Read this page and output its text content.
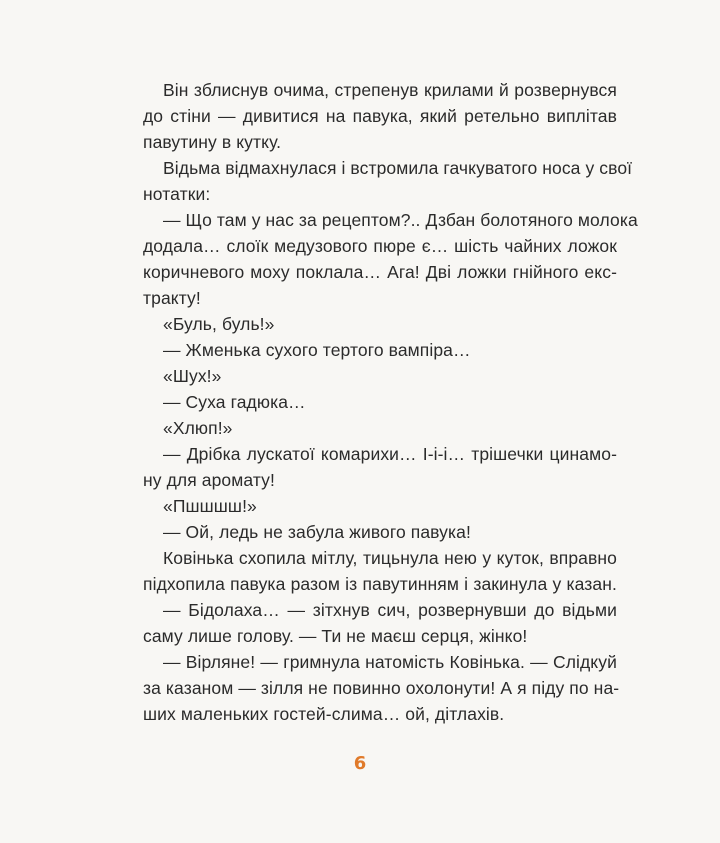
Він зблиснув очима, стрепенув крилами й розвернувся
до стіни — дивитися на павука, який ретельно виплітав
павутину в кутку.
Відьма відмахнулася і встромила гачкуватого носа у свої
нотатки:
— Що там у нас за рецептом?.. Дзбан болотяного молока
додала… слоїк медузового пюре є… шість чайних ложок
коричневого моху поклала… Ага! Дві ложки гнійного екс-
тракту!
«Буль, буль!»
— Жменька сухого тертого вампіра…
«Шух!»
— Суха гадюка…
«Хлюп!»
— Дрібка лускатої комарихи… І-і-і… трішечки цинамо-
ну для аромату!
«Пшшшш!»
— Ой, ледь не забула живого павука!
Ковінька схопила мітлу, тицьнула нею у куток, вправно
підхопила павука разом із павутинням і закинула у казан.
— Бідолаха… — зітхнув сич, розвернувши до відьми
саму лише голову. — Ти не маєш серця, жінко!
— Вірляне! — гримнула натомість Ковінька. — Слідкуй
за казаном — зілля не повинно охолонути! А я піду по на-
ших маленьких гостей-слима… ой, дітлахів.
6
